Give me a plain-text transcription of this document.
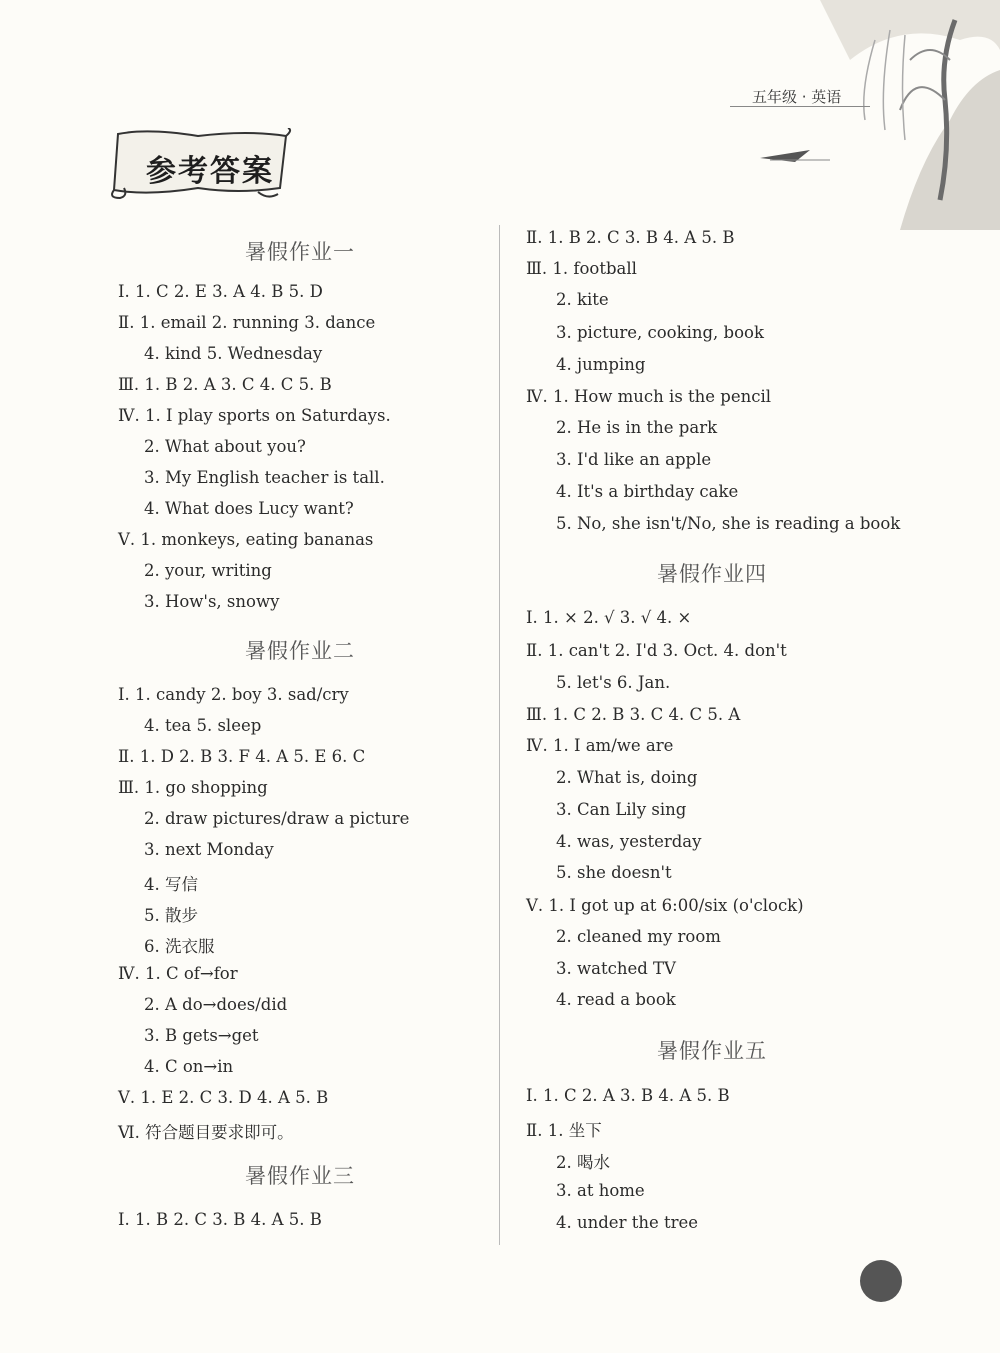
五年级 · 英语
参考答案
暑假作业一
Ⅰ. 1. C 2. E 3. A 4. B 5. D
Ⅱ. 1. email 2. running 3. dance
4. kind 5. Wednesday
Ⅲ. 1. B 2. A 3. C 4. C 5. B
Ⅳ. 1. I play sports on Saturdays.
2. What about you?
3. My English teacher is tall.
4. What does Lucy want?
Ⅴ. 1. monkeys, eating bananas
2. your, writing
3. How's, snowy
暑假作业二
Ⅰ. 1. candy 2. boy 3. sad/cry
4. tea 5. sleep
Ⅱ. 1. D 2. B 3. F 4. A 5. E 6. C
Ⅲ. 1. go shopping
2. draw pictures/draw a picture
3. next Monday
4. 写信
5. 散步
6. 洗衣服
Ⅳ. 1. C of→for
2. A do→does/did
3. B gets→get
4. C on→in
Ⅴ. 1. E 2. C 3. D 4. A 5. B
Ⅵ. 符合题目要求即可。
暑假作业三
Ⅰ. 1. B 2. C 3. B 4. A 5. B
Ⅱ. 1. B 2. C 3. B 4. A 5. B
Ⅲ. 1. football
2. kite
3. picture, cooking, book
4. jumping
Ⅳ. 1. How much is the pencil
2. He is in the park
3. I'd like an apple
4. It's a birthday cake
5. No, she isn't/No, she is reading a book
暑假作业四
Ⅰ. 1. × 2. √ 3. √ 4. ×
Ⅱ. 1. can't 2. I'd 3. Oct. 4. don't
5. let's 6. Jan.
Ⅲ. 1. C 2. B 3. C 4. C 5. A
Ⅳ. 1. I am/we are
2. What is, doing
3. Can Lily sing
4. was, yesterday
5. she doesn't
Ⅴ. 1. I got up at 6:00/six (o'clock)
2. cleaned my room
3. watched TV
4. read a book
暑假作业五
Ⅰ. 1. C 2. A 3. B 4. A 5. B
Ⅱ. 1. 坐下
2. 喝水
3. at home
4. under the tree
